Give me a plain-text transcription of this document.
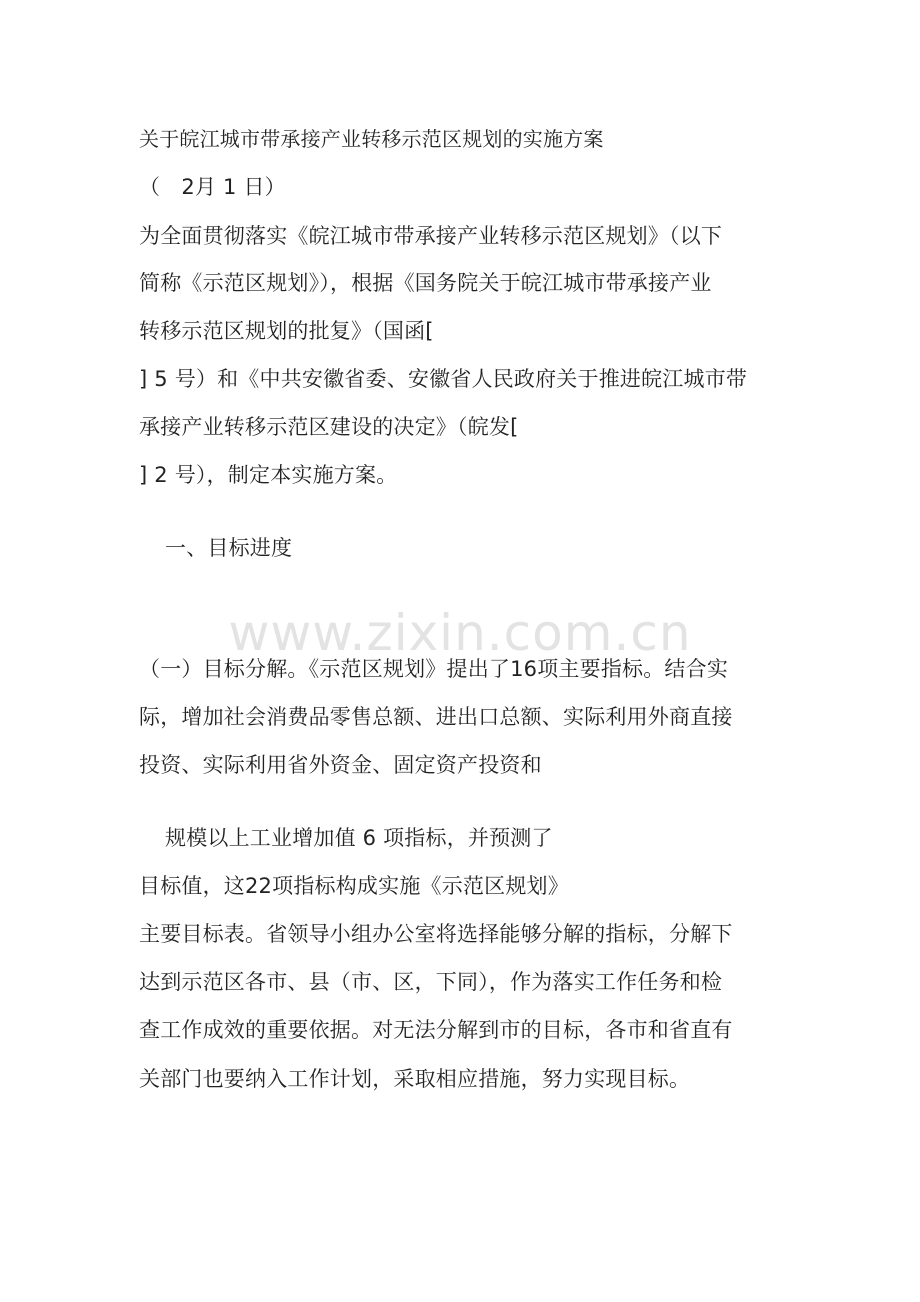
关于皖江城市带承接产业转移示范区规划的实施方案
（　2月 1 日）
为全面贯彻落实《皖江城市带承接产业转移示范区规划》（以下
简称《示范区规划》），根据《国务院关于皖江城市带承接产业
转移示范区规划的批复》（国函[
] 5 号）和《中共安徽省委、安徽省人民政府关于推进皖江城市带
承接产业转移示范区建设的决定》（皖发[
] 2 号），制定本实施方案。
一、目标进度
www.zixin.com.cn
（一）目标分解。《示范区规划》提出了16项主要指标。结合实
际，增加社会消费品零售总额、进出口总额、实际利用外商直接
投资、实际利用省外资金、固定资产投资和
规模以上工业增加值 6 项指标，并预测了
目标值，这22项指标构成实施《示范区规划》
主要目标表。省领导小组办公室将选择能够分解的指标，分解下
达到示范区各市、县（市、区，下同），作为落实工作任务和检
查工作成效的重要依据。对无法分解到市的目标，各市和省直有
关部门也要纳入工作计划，采取相应措施，努力实现目标。
